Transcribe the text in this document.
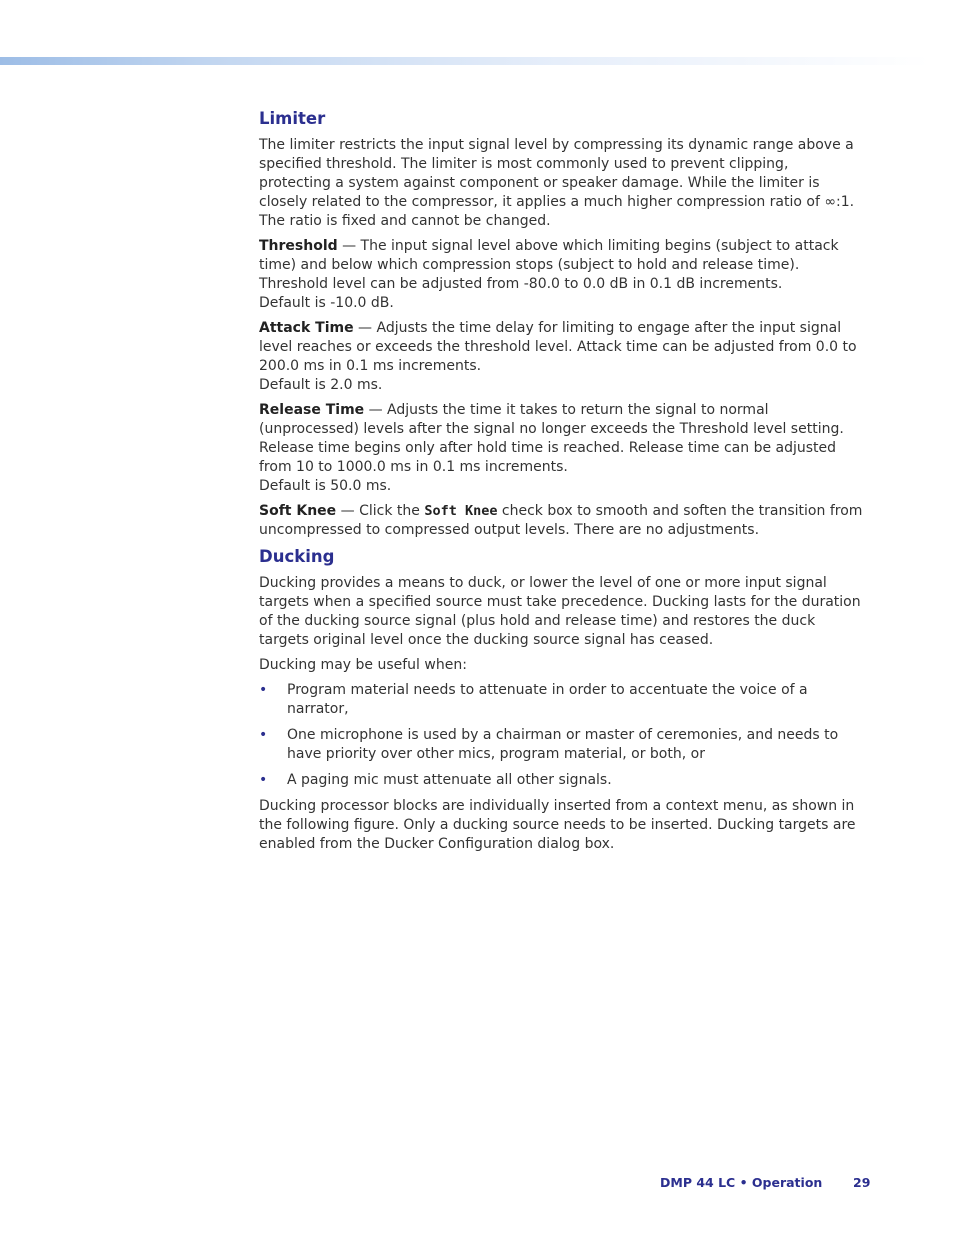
Limiter

The limiter restricts the input signal level by compressing its dynamic range above a specified threshold. The limiter is most commonly used to prevent clipping, protecting a system against component or speaker damage. While the limiter is closely related to the compressor, it applies a much higher compression ratio of ∞:1. The ratio is fixed and cannot be changed.

Threshold — The input signal level above which limiting begins (subject to attack time) and below which compression stops (subject to hold and release time). Threshold level can be adjusted from -80.0 to 0.0 dB in 0.1 dB increments.
Default is -10.0 dB.

Attack Time — Adjusts the time delay for limiting to engage after the input signal level reaches or exceeds the threshold level. Attack time can be adjusted from 0.0 to 200.0 ms in 0.1 ms increments.
Default is 2.0 ms.

Release Time — Adjusts the time it takes to return the signal to normal (unprocessed) levels after the signal no longer exceeds the Threshold level setting. Release time begins only after hold time is reached. Release time can be adjusted from 10 to 1000.0 ms in 0.1 ms increments.
Default is 50.0 ms.

Soft Knee — Click the Soft Knee check box to smooth and soften the transition from uncompressed to compressed output levels. There are no adjustments.

Ducking

Ducking provides a means to duck, or lower the level of one or more input signal targets when a specified source must take precedence. Ducking lasts for the duration of the ducking source signal (plus hold and release time) and restores the duck targets original level once the ducking source signal has ceased.

Ducking may be useful when:

• Program material needs to attenuate in order to accentuate the voice of a narrator,
• One microphone is used by a chairman or master of ceremonies, and needs to have priority over other mics, program material, or both, or
• A paging mic must attenuate all other signals.

Ducking processor blocks are individually inserted from a context menu, as shown in the following figure. Only a ducking source needs to be inserted. Ducking targets are enabled from the Ducker Configuration dialog box.

DMP 44 LC • Operation 29
